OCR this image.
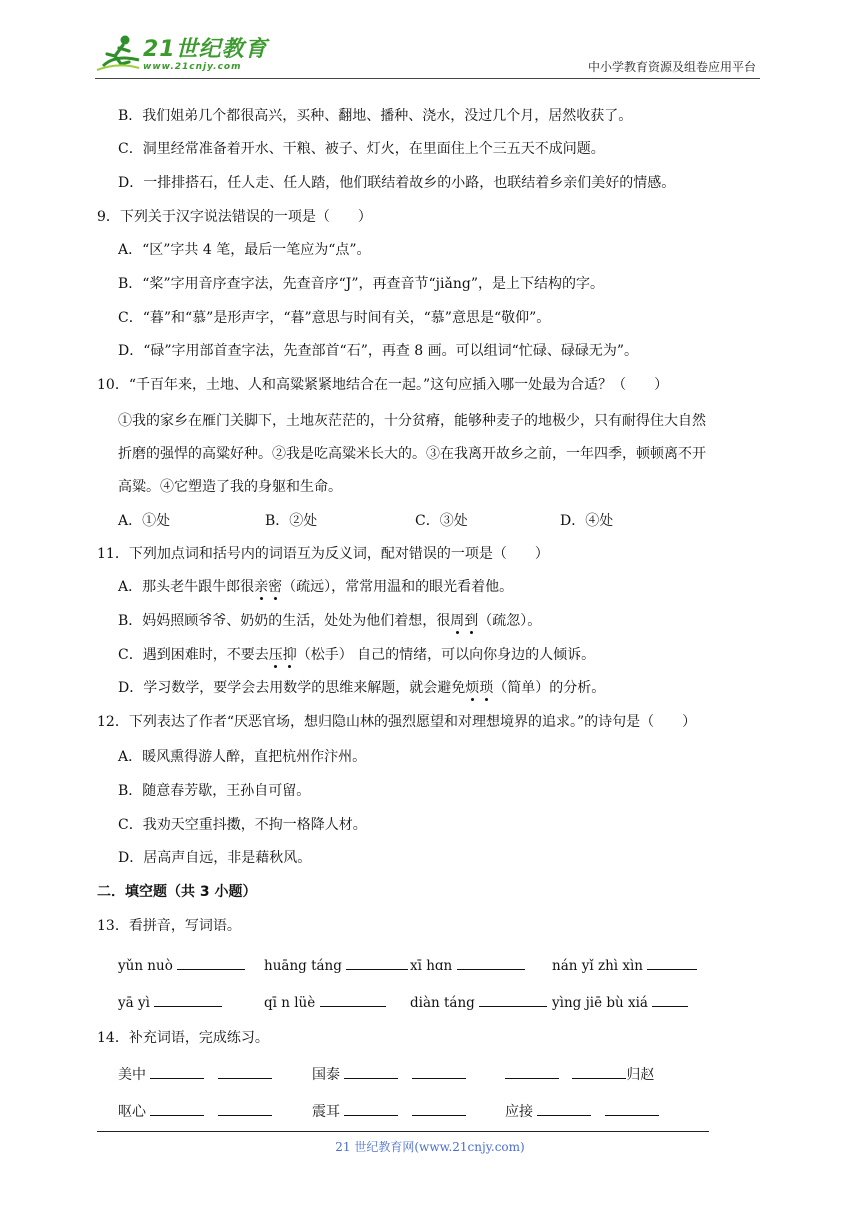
21世纪教育
www.21cnjy.com	中小学教育资源及组卷应用平台
B．我们姐弟几个都很高兴，买种、翻地、播种、浇水，没过几个月，居然收获了。
C．洞里经常准备着开水、干粮、被子、灯火，在里面住上个三五天不成问题。
D．一排排搭石，任人走、任人踏，他们联结着故乡的小路，也联结着乡亲们美好的情感。
9．下列关于汉字说法错误的一项是（　　）
A．“区”字共 4 笔，最后一笔应为“点”。
B．“桨”字用音序查字法，先查音序“J”，再查音节“jiǎng”，是上下结构的字。
C．“暮”和“慕”是形声字，“暮”意思与时间有关，“慕”意思是“敬仰”。
D．“碌”字用部首查字法，先查部首“石”，再查 8 画。可以组词“忙碌、碌碌无为”。
10．“千百年来，土地、人和高粱紧紧地结合在一起。”这句应插入哪一处最为合适？（　　）
①我的家乡在雁门关脚下，土地灰茫茫的，十分贫瘠，能够种麦子的地极少，只有耐得住大自然
折磨的强悍的高粱好种。②我是吃高粱米长大的。③在我离开故乡之前，一年四季，顿顿离不开
高粱。④它塑造了我的身躯和生命。
A．①处	B．②处	C．③处	D．④处
11．下列加点词和括号内的词语互为反义词，配对错误的一项是（　　）
A．那头老牛跟牛郎很亲密（疏远），常常用温和的眼光看着他。
B．妈妈照顾爷爷、奶奶的生活，处处为他们着想，很周到（疏忽）。
C．遇到困难时，不要去压抑（松手） 自己的情绪，可以向你身边的人倾诉。
D．学习数学，要学会去用数学的思维来解题，就会避免烦琐（简单）的分析。
12．下列表达了作者“厌恶官场，想归隐山林的强烈愿望和对理想境界的追求。”的诗句是（　　）
A．暖风熏得游人醉，直把杭州作汴州。
B．随意春芳歇，王孙自可留。
C．我劝天空重抖擞，不拘一格降人材。
D．居高声自远，非是藉秋风。
二．填空题（共 3 小题）
13．看拼音，写词语。
yǔn nuò	huāng táng	xī hɑn	nán yǐ zhì xìn
yā yì	qī n lüè	diàn táng	yìng jiē bù xiá
14．补充词语，完成练习。
美中	国泰	归赵
呕心	震耳	应接
21 世纪教育网(www.21cnjy.com)
